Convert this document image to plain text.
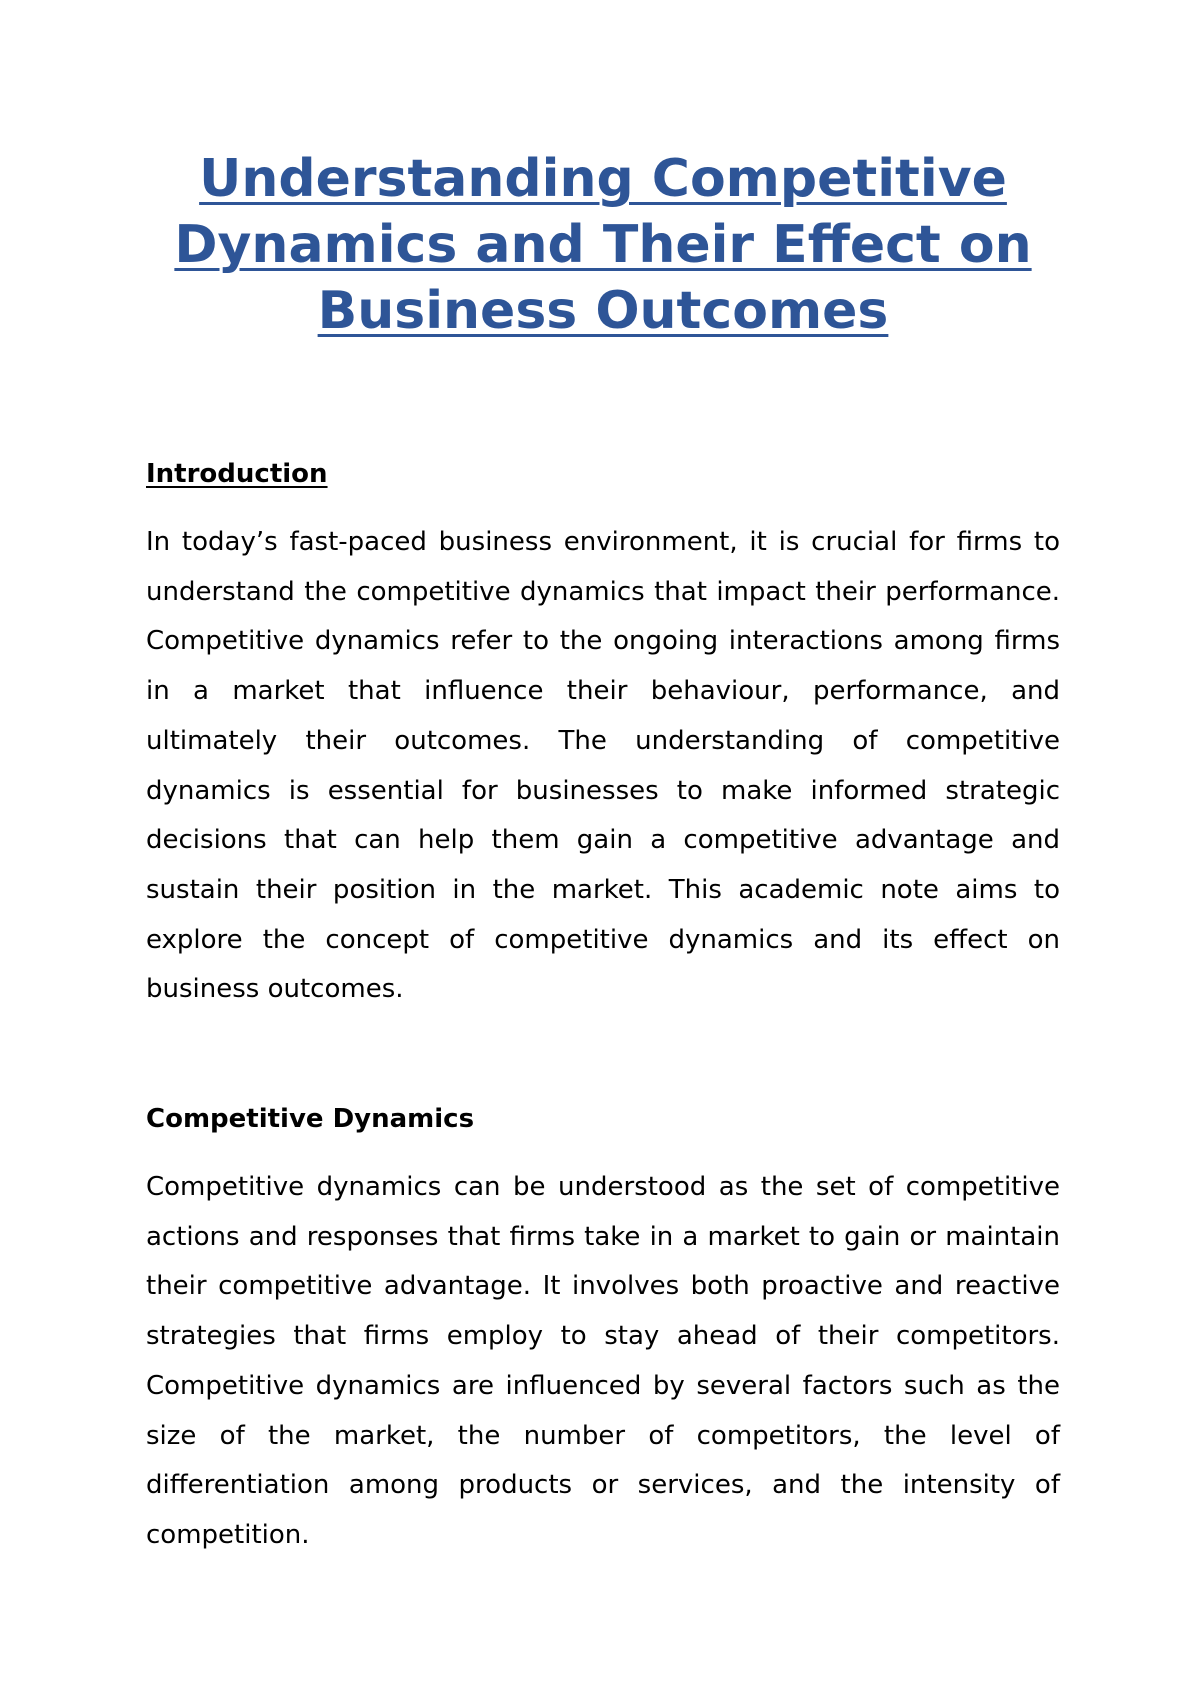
Understanding Competitive Dynamics and Their Effect on Business Outcomes
Introduction

In today’s fast-paced business environment, it is crucial for firms to understand the competitive dynamics that impact their performance. Competitive dynamics refer to the ongoing interactions among firms in a market that influence their behaviour, performance, and ultimately their outcomes. The understanding of competitive dynamics is essential for businesses to make informed strategic decisions that can help them gain a competitive advantage and sustain their position in the market. This academic note aims to explore the concept of competitive dynamics and its effect on business outcomes.

Competitive Dynamics

Competitive dynamics can be understood as the set of competitive actions and responses that firms take in a market to gain or maintain their competitive advantage. It involves both proactive and reactive strategies that firms employ to stay ahead of their competitors. Competitive dynamics are influenced by several factors such as the size of the market, the number of competitors, the level of differentiation among products or services, and the intensity of competition.
